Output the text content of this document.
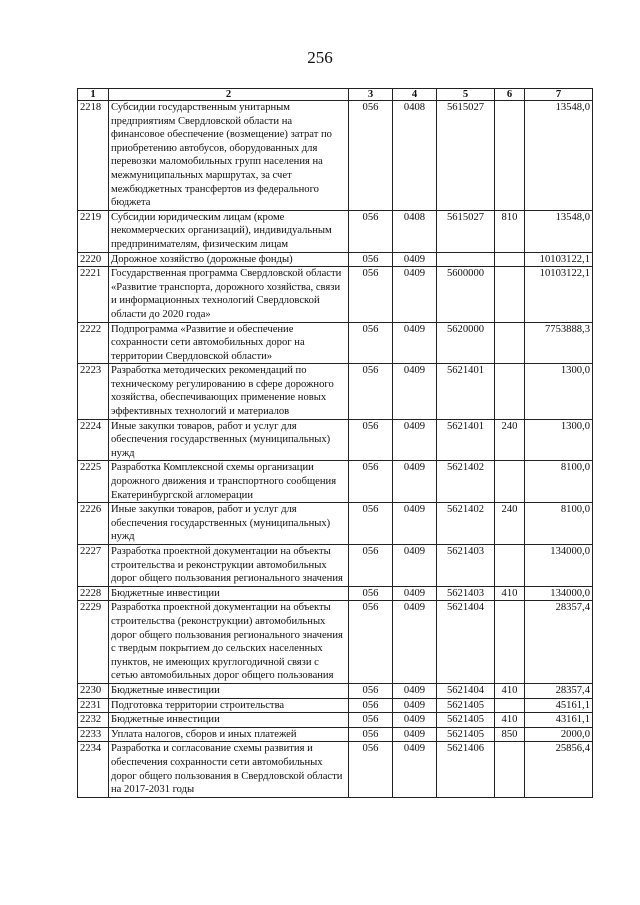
256
1	2	3	4	5	6	7
2218	Субсидии государственным унитарным предприятиям Свердловской области на финансовое обеспечение (возмещение) затрат по приобретению автобусов, оборудованных для перевозки маломобильных групп населения на межмуниципальных маршрутах, за счет межбюджетных трансфертов из федерального бюджета	056	0408	5615027		13548,0
2219	Субсидии юридическим лицам (кроме некоммерческих организаций), индивидуальным предпринимателям, физическим лицам	056	0408	5615027	810	13548,0
2220	Дорожное хозяйство (дорожные фонды)	056	0409			10103122,1
2221	Государственная программа Свердловской области «Развитие транспорта, дорожного хозяйства, связи и информационных технологий Свердловской области до 2020 года»	056	0409	5600000		10103122,1
2222	Подпрограмма «Развитие и обеспечение сохранности сети автомобильных дорог на территории Свердловской области»	056	0409	5620000		7753888,3
2223	Разработка методических рекомендаций по техническому регулированию в сфере дорожного хозяйства, обеспечивающих применение новых эффективных технологий и материалов	056	0409	5621401		1300,0
2224	Иные закупки товаров, работ и услуг для обеспечения государственных (муниципальных) нужд	056	0409	5621401	240	1300,0
2225	Разработка Комплексной схемы организации дорожного движения и транспортного сообщения Екатеринбургской агломерации	056	0409	5621402		8100,0
2226	Иные закупки товаров, работ и услуг для обеспечения государственных (муниципальных) нужд	056	0409	5621402	240	8100,0
2227	Разработка проектной документации на объекты строительства и реконструкции автомобильных дорог общего пользования регионального значения	056	0409	5621403		134000,0
2228	Бюджетные инвестиции	056	0409	5621403	410	134000,0
2229	Разработка проектной документации на объекты строительства (реконструкции) автомобильных дорог общего пользования регионального значения с твердым покрытием до сельских населенных пунктов, не имеющих круглогодичной связи с сетью автомобильных дорог общего пользования	056	0409	5621404		28357,4
2230	Бюджетные инвестиции	056	0409	5621404	410	28357,4
2231	Подготовка территории строительства	056	0409	5621405		45161,1
2232	Бюджетные инвестиции	056	0409	5621405	410	43161,1
2233	Уплата налогов, сборов и иных платежей	056	0409	5621405	850	2000,0
2234	Разработка и согласование схемы развития и обеспечения сохранности сети автомобильных дорог общего пользования в Свердловской области на 2017-2031 годы	056	0409	5621406		25856,4
